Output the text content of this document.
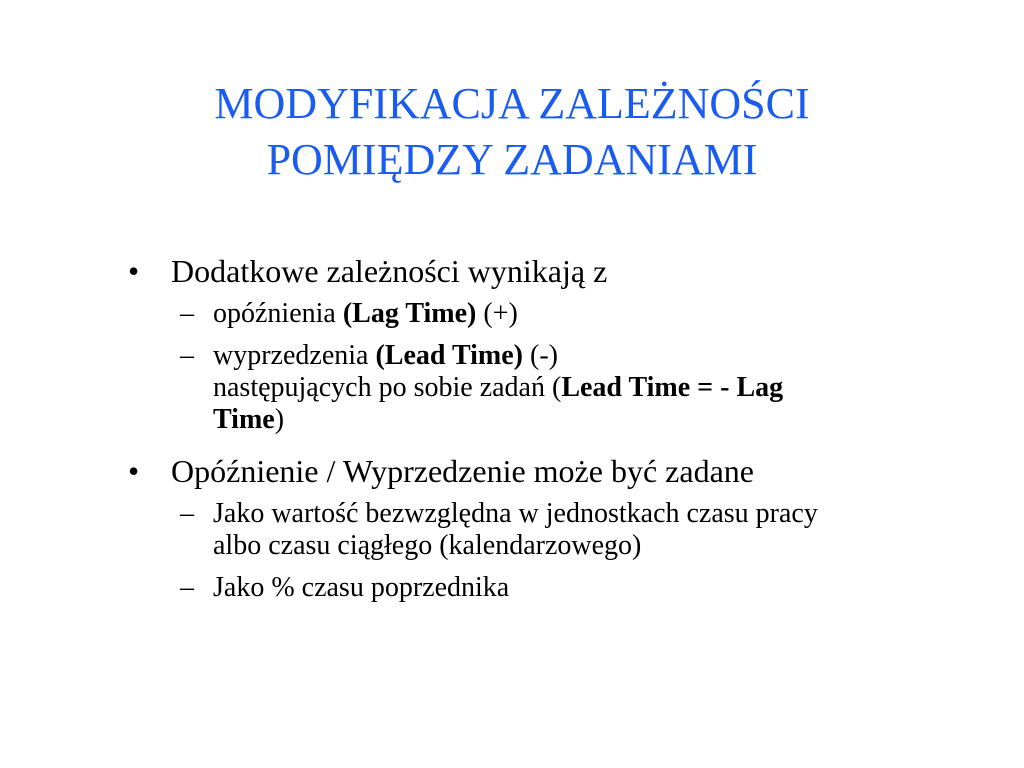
MODYFIKACJA ZALEŻNOŚCI
POMIĘDZY ZADANIAMI
• Dodatkowe zależności wynikają z
– opóźnienia (Lag Time) (+)
– wyprzedzenia (Lead Time) (-)
następujących po sobie zadań (Lead Time = - Lag
Time)
• Opóźnienie / Wyprzedzenie może być zadane
– Jako wartość bezwzględna w jednostkach czasu pracy
albo czasu ciągłego (kalendarzowego)
– Jako % czasu poprzednika
